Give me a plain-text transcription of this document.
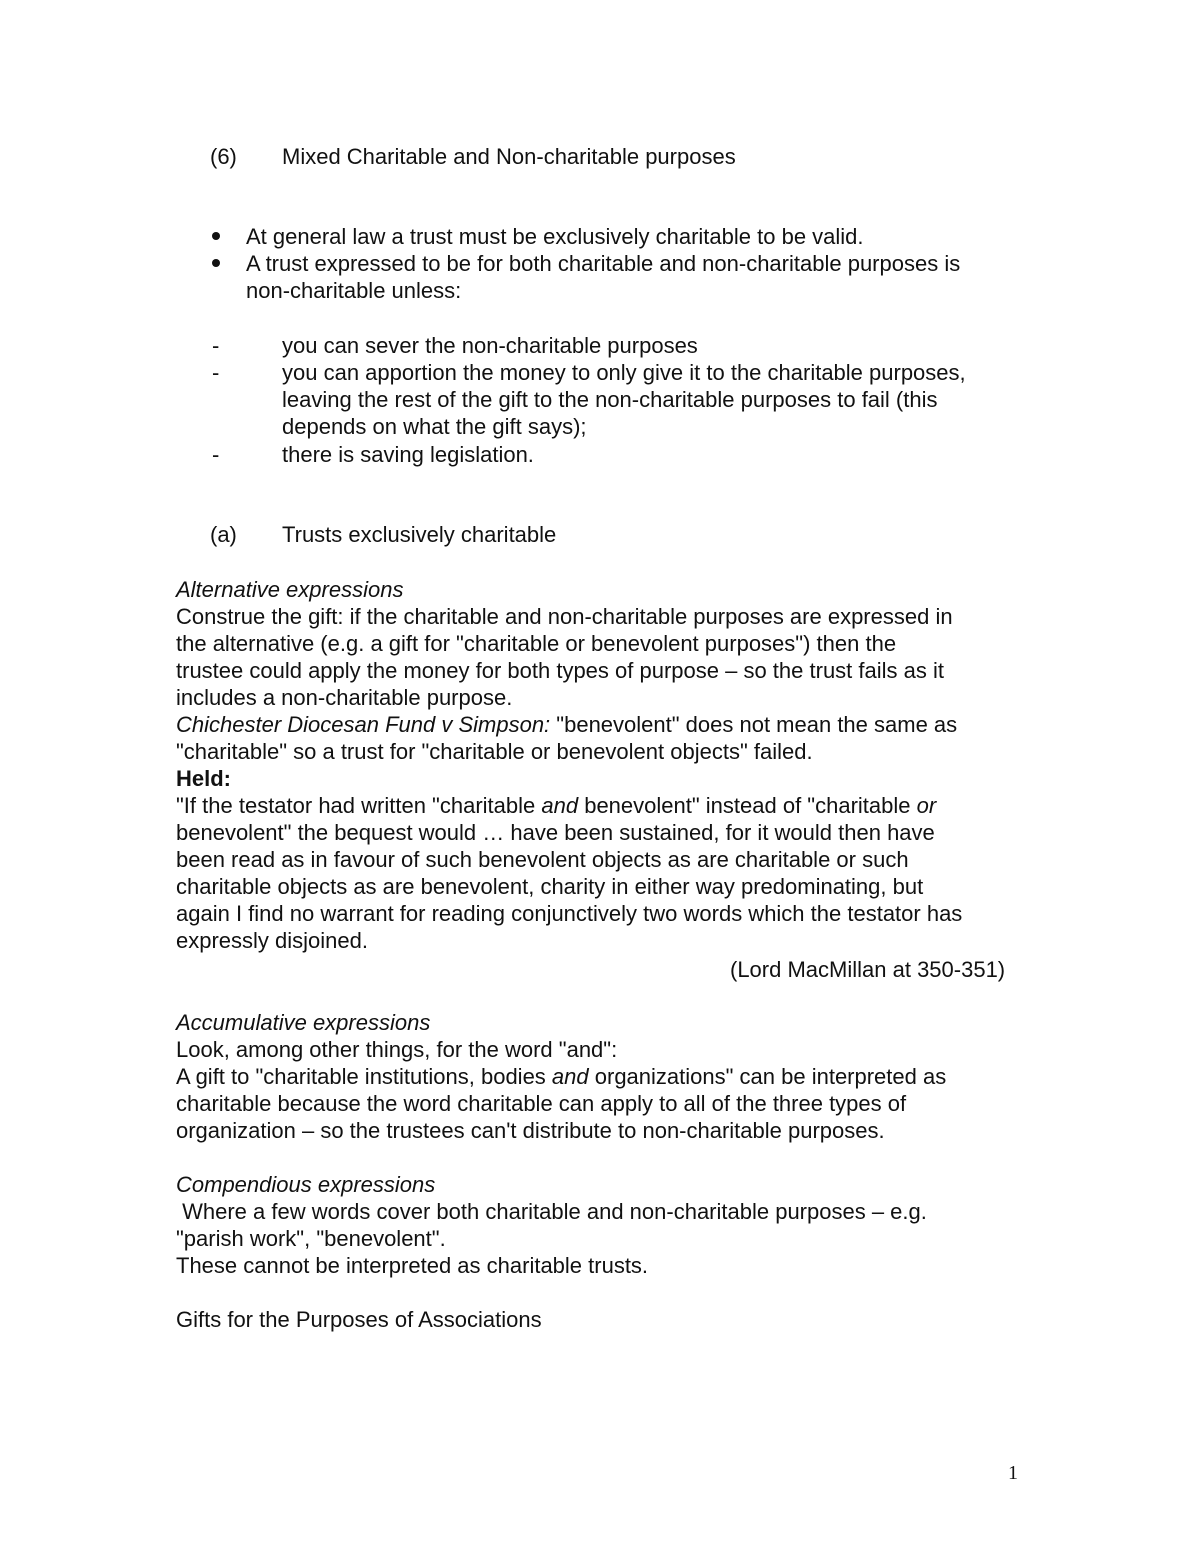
(6) Mixed Charitable and Non-charitable purposes
At general law a trust must be exclusively charitable to be valid.
A trust expressed to be for both charitable and non-charitable purposes is
non-charitable unless:
-	you can sever the non-charitable purposes
-	you can apportion the money to only give it to the charitable purposes,
leaving the rest of the gift to the non-charitable purposes to fail (this
depends on what the gift says);
-	there is saving legislation.
(a) Trusts exclusively charitable
Alternative expressions
Construe the gift: if the charitable and non-charitable purposes are expressed in
the alternative (e.g. a gift for "charitable or benevolent purposes") then the
trustee could apply the money for both types of purpose – so the trust fails as it
includes a non-charitable purpose.
Chichester Diocesan Fund v Simpson: "benevolent" does not mean the same as
"charitable" so a trust for "charitable or benevolent objects" failed.
Held:
"If the testator had written "charitable and benevolent" instead of "charitable or
benevolent" the bequest would … have been sustained, for it would then have
been read as in favour of such benevolent objects as are charitable or such
charitable objects as are benevolent, charity in either way predominating, but
again I find no warrant for reading conjunctively two words which the testator has
expressly disjoined.
(Lord MacMillan at 350-351)
Accumulative expressions
Look, among other things, for the word "and":
A gift to "charitable institutions, bodies and organizations" can be interpreted as
charitable because the word charitable can apply to all of the three types of
organization – so the trustees can't distribute to non-charitable purposes.
Compendious expressions
Where a few words cover both charitable and non-charitable purposes – e.g.
"parish work", "benevolent".
These cannot be interpreted as charitable trusts.
Gifts for the Purposes of Associations
1
